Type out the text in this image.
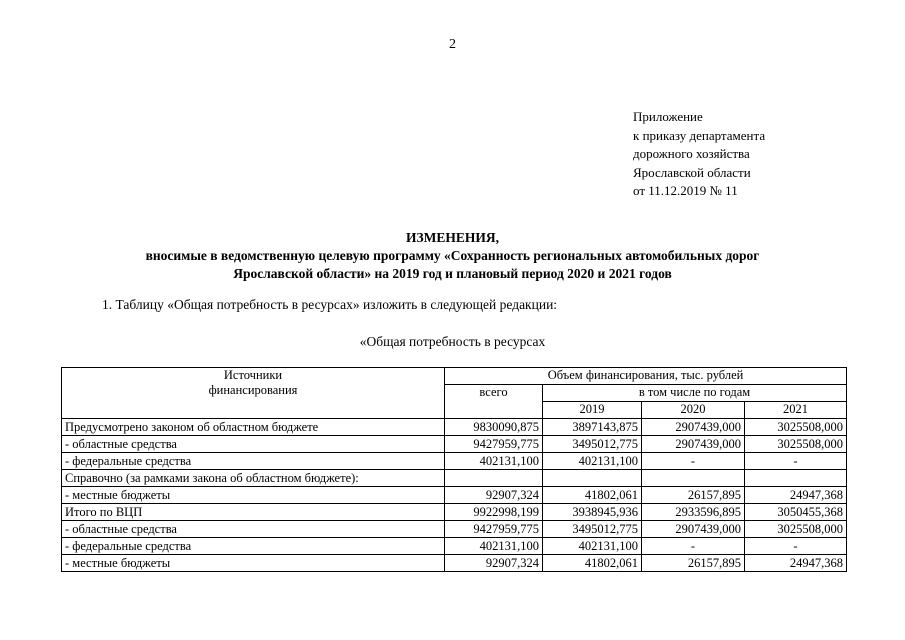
2
Приложение
к приказу департамента
дорожного хозяйства
Ярославской области
от 11.12.2019 № 11
ИЗМЕНЕНИЯ,
вносимые в ведомственную целевую программу «Сохранность региональных автомобильных дорог
Ярославской области» на 2019 год и плановый период 2020 и 2021 годов
1. Таблицу «Общая потребность в ресурсах» изложить в следующей редакции:
«Общая потребность в ресурсах
Источники
финансирования	Объем финансирования, тыс. рублей			
	всего	в том числе по годам		
		2019	2020	2021
Предусмотрено законом об областном бюджете	9830090,875	3897143,875	2907439,000	3025508,000
- областные средства	9427959,775	3495012,775	2907439,000	3025508,000
- федеральные средства	402131,100	402131,100	-	-
Справочно (за рамками закона об областном бюджете):				
- местные бюджеты	92907,324	41802,061	26157,895	24947,368
Итого по ВЦП	9922998,199	3938945,936	2933596,895	3050455,368
- областные средства	9427959,775	3495012,775	2907439,000	3025508,000
- федеральные средства	402131,100	402131,100	-	-
- местные бюджеты	92907,324	41802,061	26157,895	24947,368
